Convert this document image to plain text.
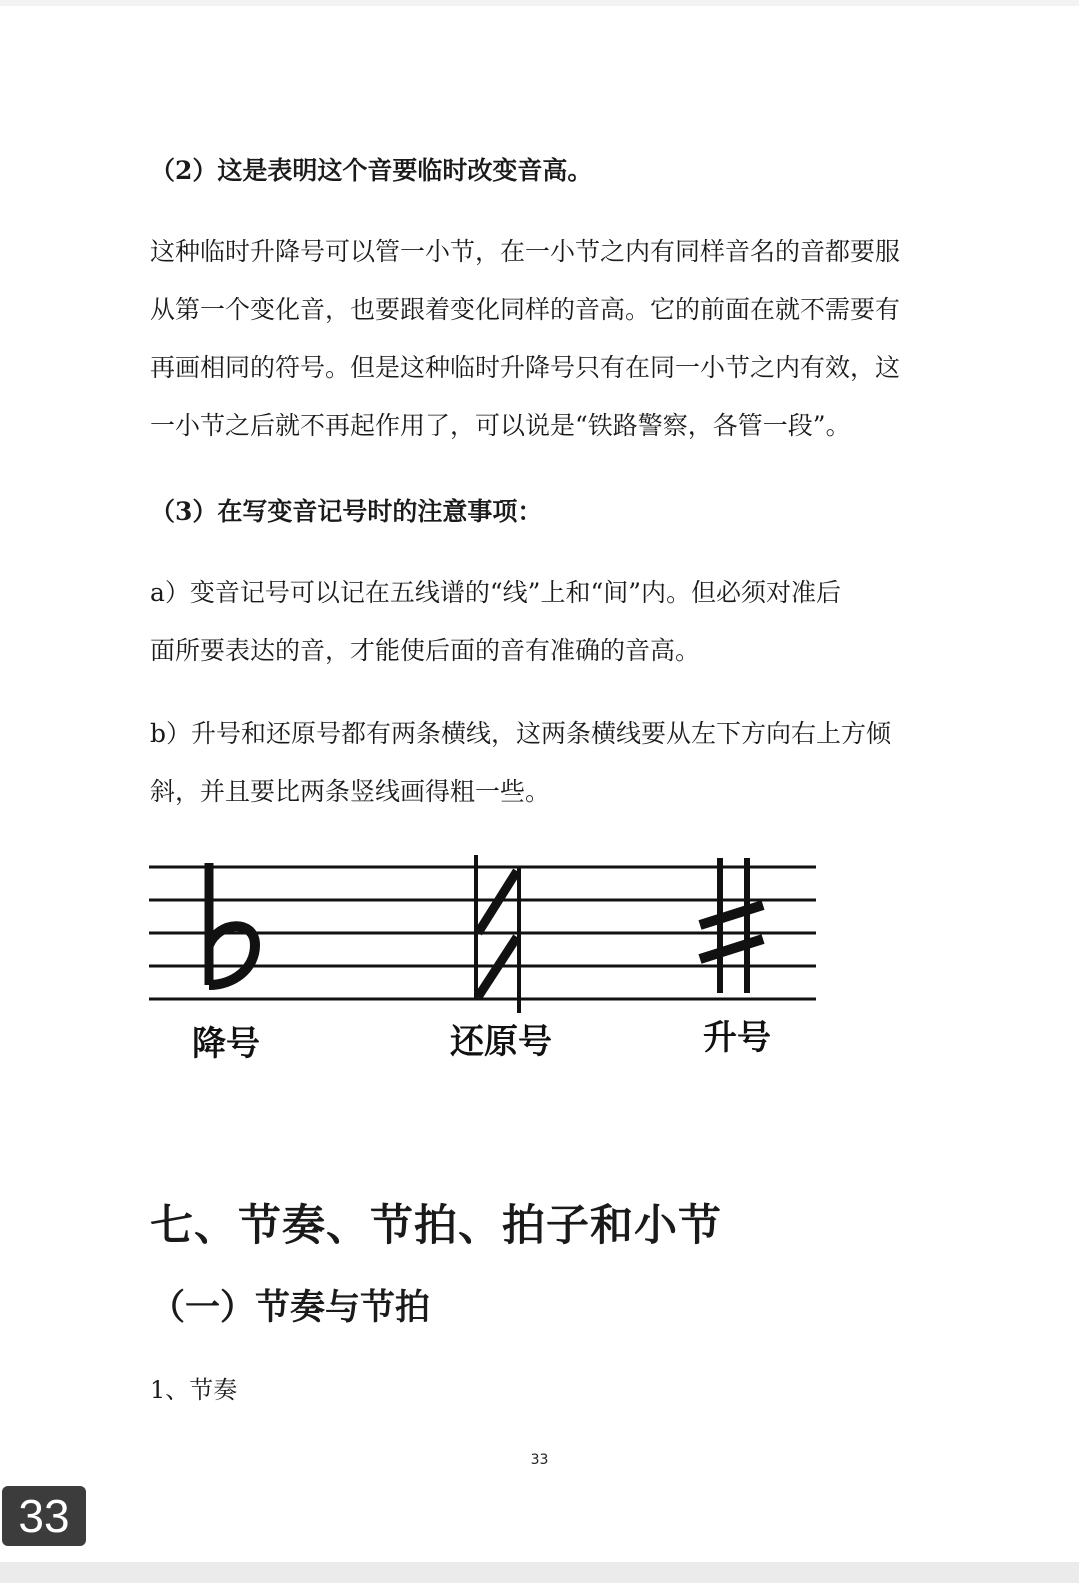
（2）这是表明这个音要临时改变音高。
这种临时升降号可以管一小节，在一小节之内有同样音名的音都要服
从第一个变化音，也要跟着变化同样的音高。它的前面在就不需要有
再画相同的符号。但是这种临时升降号只有在同一小节之内有效，这
一小节之后就不再起作用了，可以说是“铁路警察，各管一段”。
（3）在写变音记号时的注意事项：
a）变音记号可以记在五线谱的“线”上和“间”内。但必须对准后
面所要表达的音，才能使后面的音有准确的音高。
b）升号和还原号都有两条横线，这两条横线要从左下方向右上方倾
斜，并且要比两条竖线画得粗一些。
降号	还原号	升号
七、节奏、节拍、拍子和小节
（一）节奏与节拍
1、节奏
33
33
